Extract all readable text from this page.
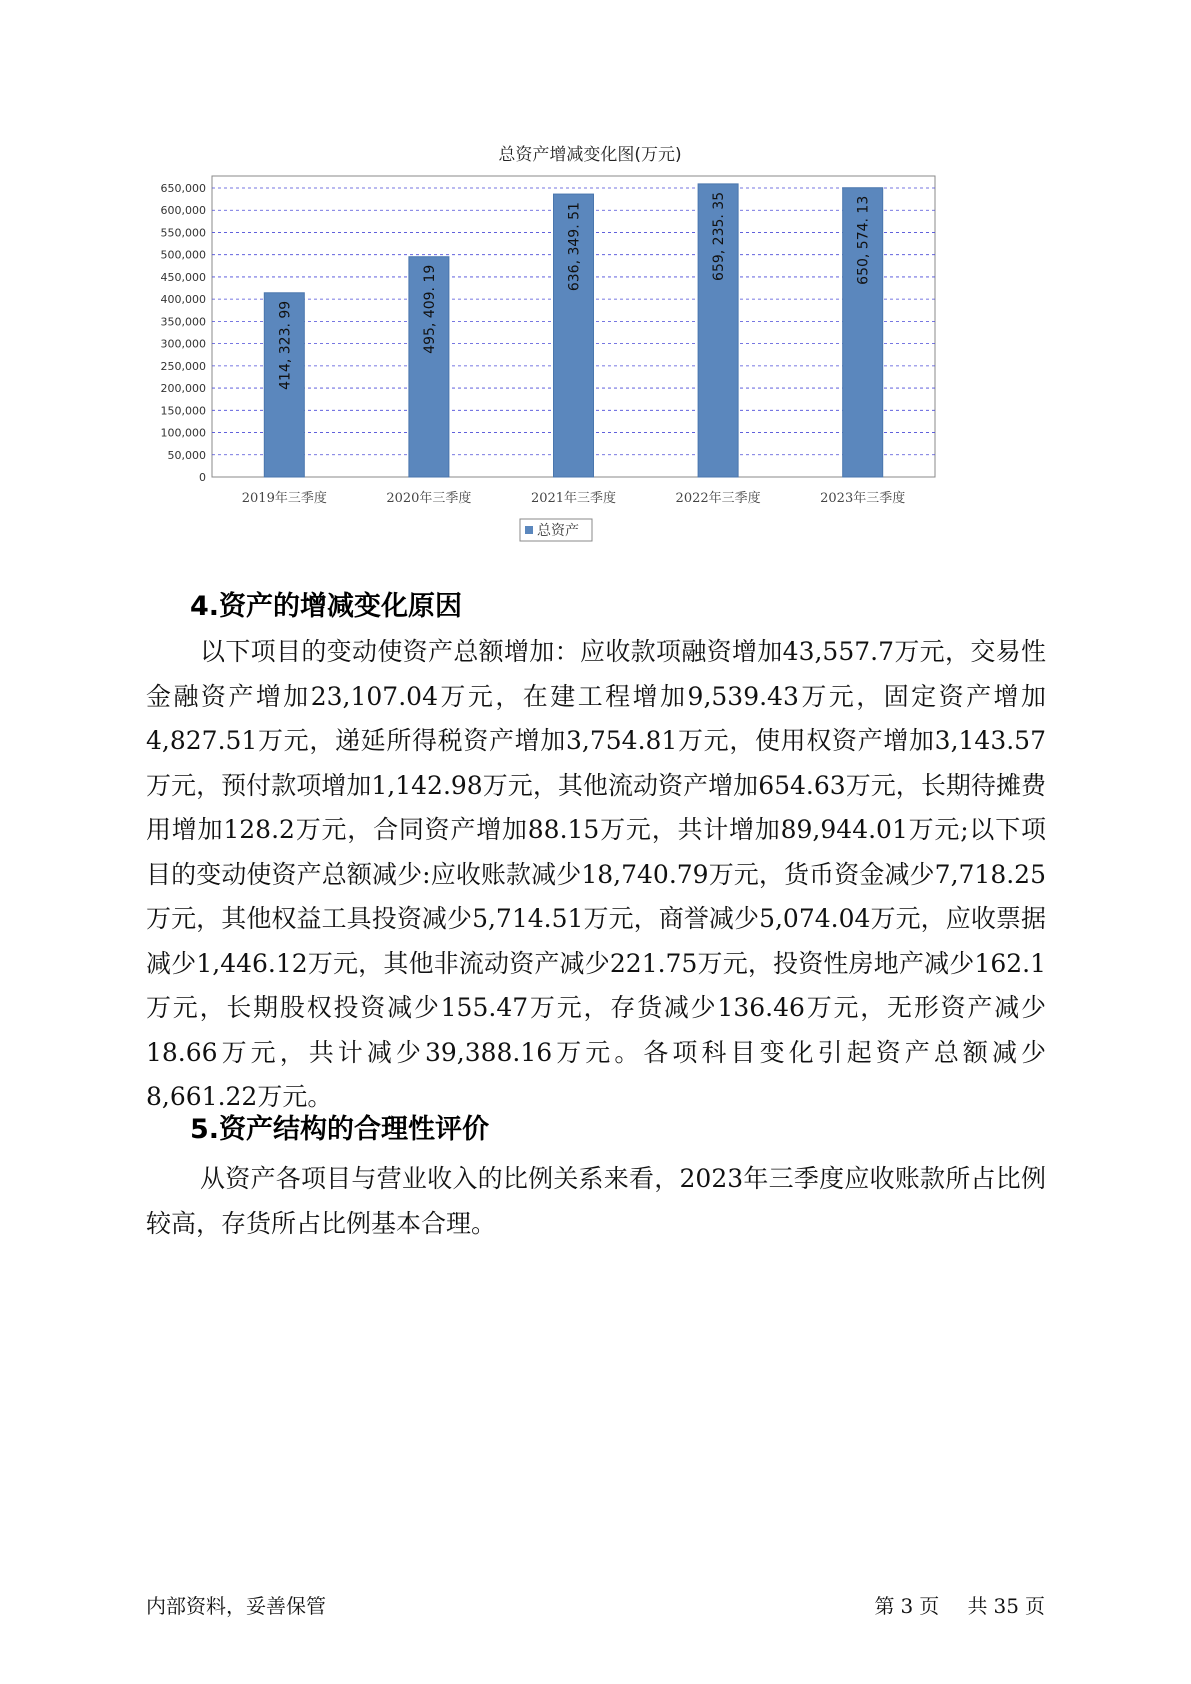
0
50,000
100,000
150,000
200,000
250,000
300,000
350,000
400,000
450,000
500,000
550,000
600,000
650,000
414, 323. 99
2019年三季度
495, 409. 19
2020年三季度
636, 349. 51
2021年三季度
659, 235. 35
2022年三季度
650, 574. 13
2023年三季度
总资产
总资产增减变化图(万元)
4.资产的增减变化原因

以下项目的变动使资产总额增加：应收款项融资增加43,557.7万元，交易性金融资产增加23,107.04万元，在建工程增加9,539.43万元，固定资产增加4,827.51万元，递延所得税资产增加3,754.81万元，使用权资产增加3,143.57万元，预付款项增加1,142.98万元，其他流动资产增加654.63万元，长期待摊费用增加128.2万元，合同资产增加88.15万元，共计增加89,944.01万元;以下项目的变动使资产总额减少:应收账款减少18,740.79万元，货币资金减少7,718.25万元，其他权益工具投资减少5,714.51万元，商誉减少5,074.04万元，应收票据减少1,446.12万元，其他非流动资产减少221.75万元，投资性房地产减少162.1万元，长期股权投资减少155.47万元，存货减少136.46万元，无形资产减少18.66万元，共计减少39,388.16万元。各项科目变化引起资产总额减少8,661.22万元。

5.资产结构的合理性评价

从资产各项目与营业收入的比例关系来看，2023年三季度应收账款所占比例较高，存货所占比例基本合理。

内部资料，妥善保管	第 3 页 共 35 页
